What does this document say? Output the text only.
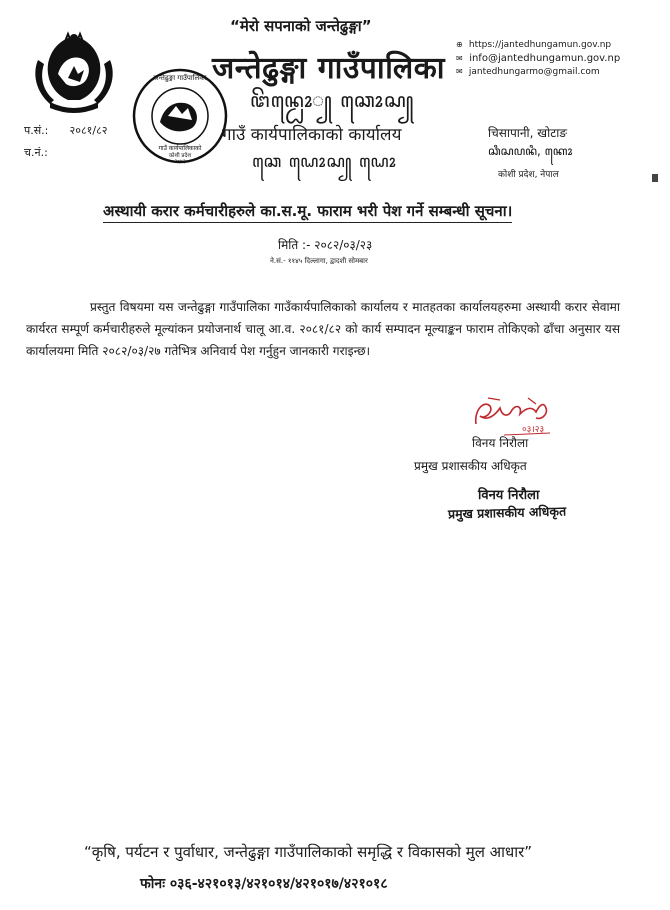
“मेरो सपनाको जन्तेढुङ्गा”
जन्तेढुङ्गा गाउँपालिका
गाउँ कार्यपालिकाको
कोशी प्रदेश
२०७३
जन्तेढुङ्गा गाउँपालिका
ꦜꦼꦤ꧀ꦝꦺꦴ꧀ ꦕꦺꦴꦱ꧀
गाउँ कार्यपालिकाको कार्यालय
ꦕꦺ ꦝꦺꦴꦱ꧀ ꦝꦺꦴ
प.सं.: २०८१/८२
च.नं.:
⊕ https://jantedhungamun.gov.np
✉ info@jantedhungamun.gov.np
✉ jantedhungarmo@gmail.com
चिसापानी, खोटाङ
ꦕꦶꦱꦥꦤꦶ, ꦏꦺꦴ
कोशी प्रदेश, नेपाल
अस्थायी करार कर्मचारीहरुले का.स.मू. फाराम भरी पेश गर्ने सम्बन्धी सूचना।
मिति :- २०८२/०३/२३
ने.सं.- ११४५ दिल्लागा, द्वादशी सोमबार
प्रस्तुत विषयमा यस जन्तेढुङ्गा गाउँपालिका गाउँकार्यपालिकाको कार्यालय र मातहतका कार्यालयहरुमा अस्थायी करार सेवामा कार्यरत सम्पूर्ण कर्मचारीहरुले मूल्यांकन प्रयोजनार्थ चालू आ.व. २०८१/८२ को कार्य सम्पादन मूल्याङ्कन फाराम तोकिएको ढाँचा अनुसार यस कार्यालयमा मिति २०८२/०३/२७ गतेभित्र अनिवार्य पेश गर्नुहुन जानकारी गराइन्छ।
०३।२३
विनय निरौला
प्रमुख प्रशासकीय अधिकृत
विनय निरौला
प्रमुख प्रशासकीय अधिकृत
“कृषि, पर्यटन र पुर्वाधार, जन्तेढुङ्गा गाउँपालिकाको समृद्धि र विकासको मुल आधार”
फोनः ०३६-४२१०१३/४२१०१४/४२१०१७/४२१०१८
